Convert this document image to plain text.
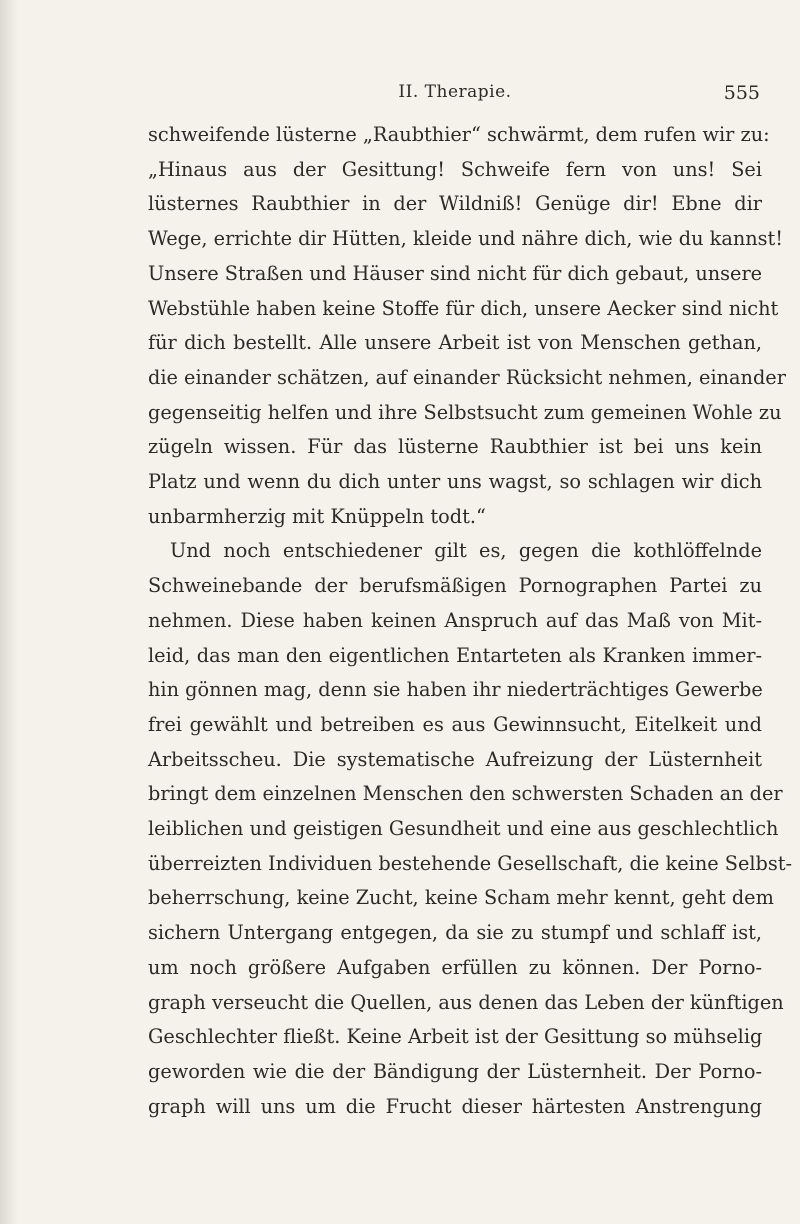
II. Therapie.	555
schweifende lüsterne „Raubthier“ schwärmt, dem rufen wir zu:
„Hinaus aus der Gesittung! Schweife fern von uns! Sei
lüsternes Raubthier in der Wildniß! Genüge dir! Ebne dir
Wege, errichte dir Hütten, kleide und nähre dich, wie du kannst!
Unsere Straßen und Häuser sind nicht für dich gebaut, unsere
Webstühle haben keine Stoffe für dich, unsere Aecker sind nicht
für dich bestellt. Alle unsere Arbeit ist von Menschen gethan,
die einander schätzen, auf einander Rücksicht nehmen, einander
gegenseitig helfen und ihre Selbstsucht zum gemeinen Wohle zu
zügeln wissen. Für das lüsterne Raubthier ist bei uns kein
Platz und wenn du dich unter uns wagst, so schlagen wir dich
unbarmherzig mit Knüppeln todt.“
Und noch entschiedener gilt es, gegen die kothlöffelnde
Schweinebande der berufsmäßigen Pornographen Partei zu
nehmen. Diese haben keinen Anspruch auf das Maß von Mit-
leid, das man den eigentlichen Entarteten als Kranken immer-
hin gönnen mag, denn sie haben ihr niederträchtiges Gewerbe
frei gewählt und betreiben es aus Gewinnsucht, Eitelkeit und
Arbeitsscheu. Die systematische Aufreizung der Lüsternheit
bringt dem einzelnen Menschen den schwersten Schaden an der
leiblichen und geistigen Gesundheit und eine aus geschlechtlich
überreizten Individuen bestehende Gesellschaft, die keine Selbst-
beherrschung, keine Zucht, keine Scham mehr kennt, geht dem
sichern Untergang entgegen, da sie zu stumpf und schlaff ist,
um noch größere Aufgaben erfüllen zu können. Der Porno-
graph verseucht die Quellen, aus denen das Leben der künftigen
Geschlechter fließt. Keine Arbeit ist der Gesittung so mühselig
geworden wie die der Bändigung der Lüsternheit. Der Porno-
graph will uns um die Frucht dieser härtesten Anstrengung
